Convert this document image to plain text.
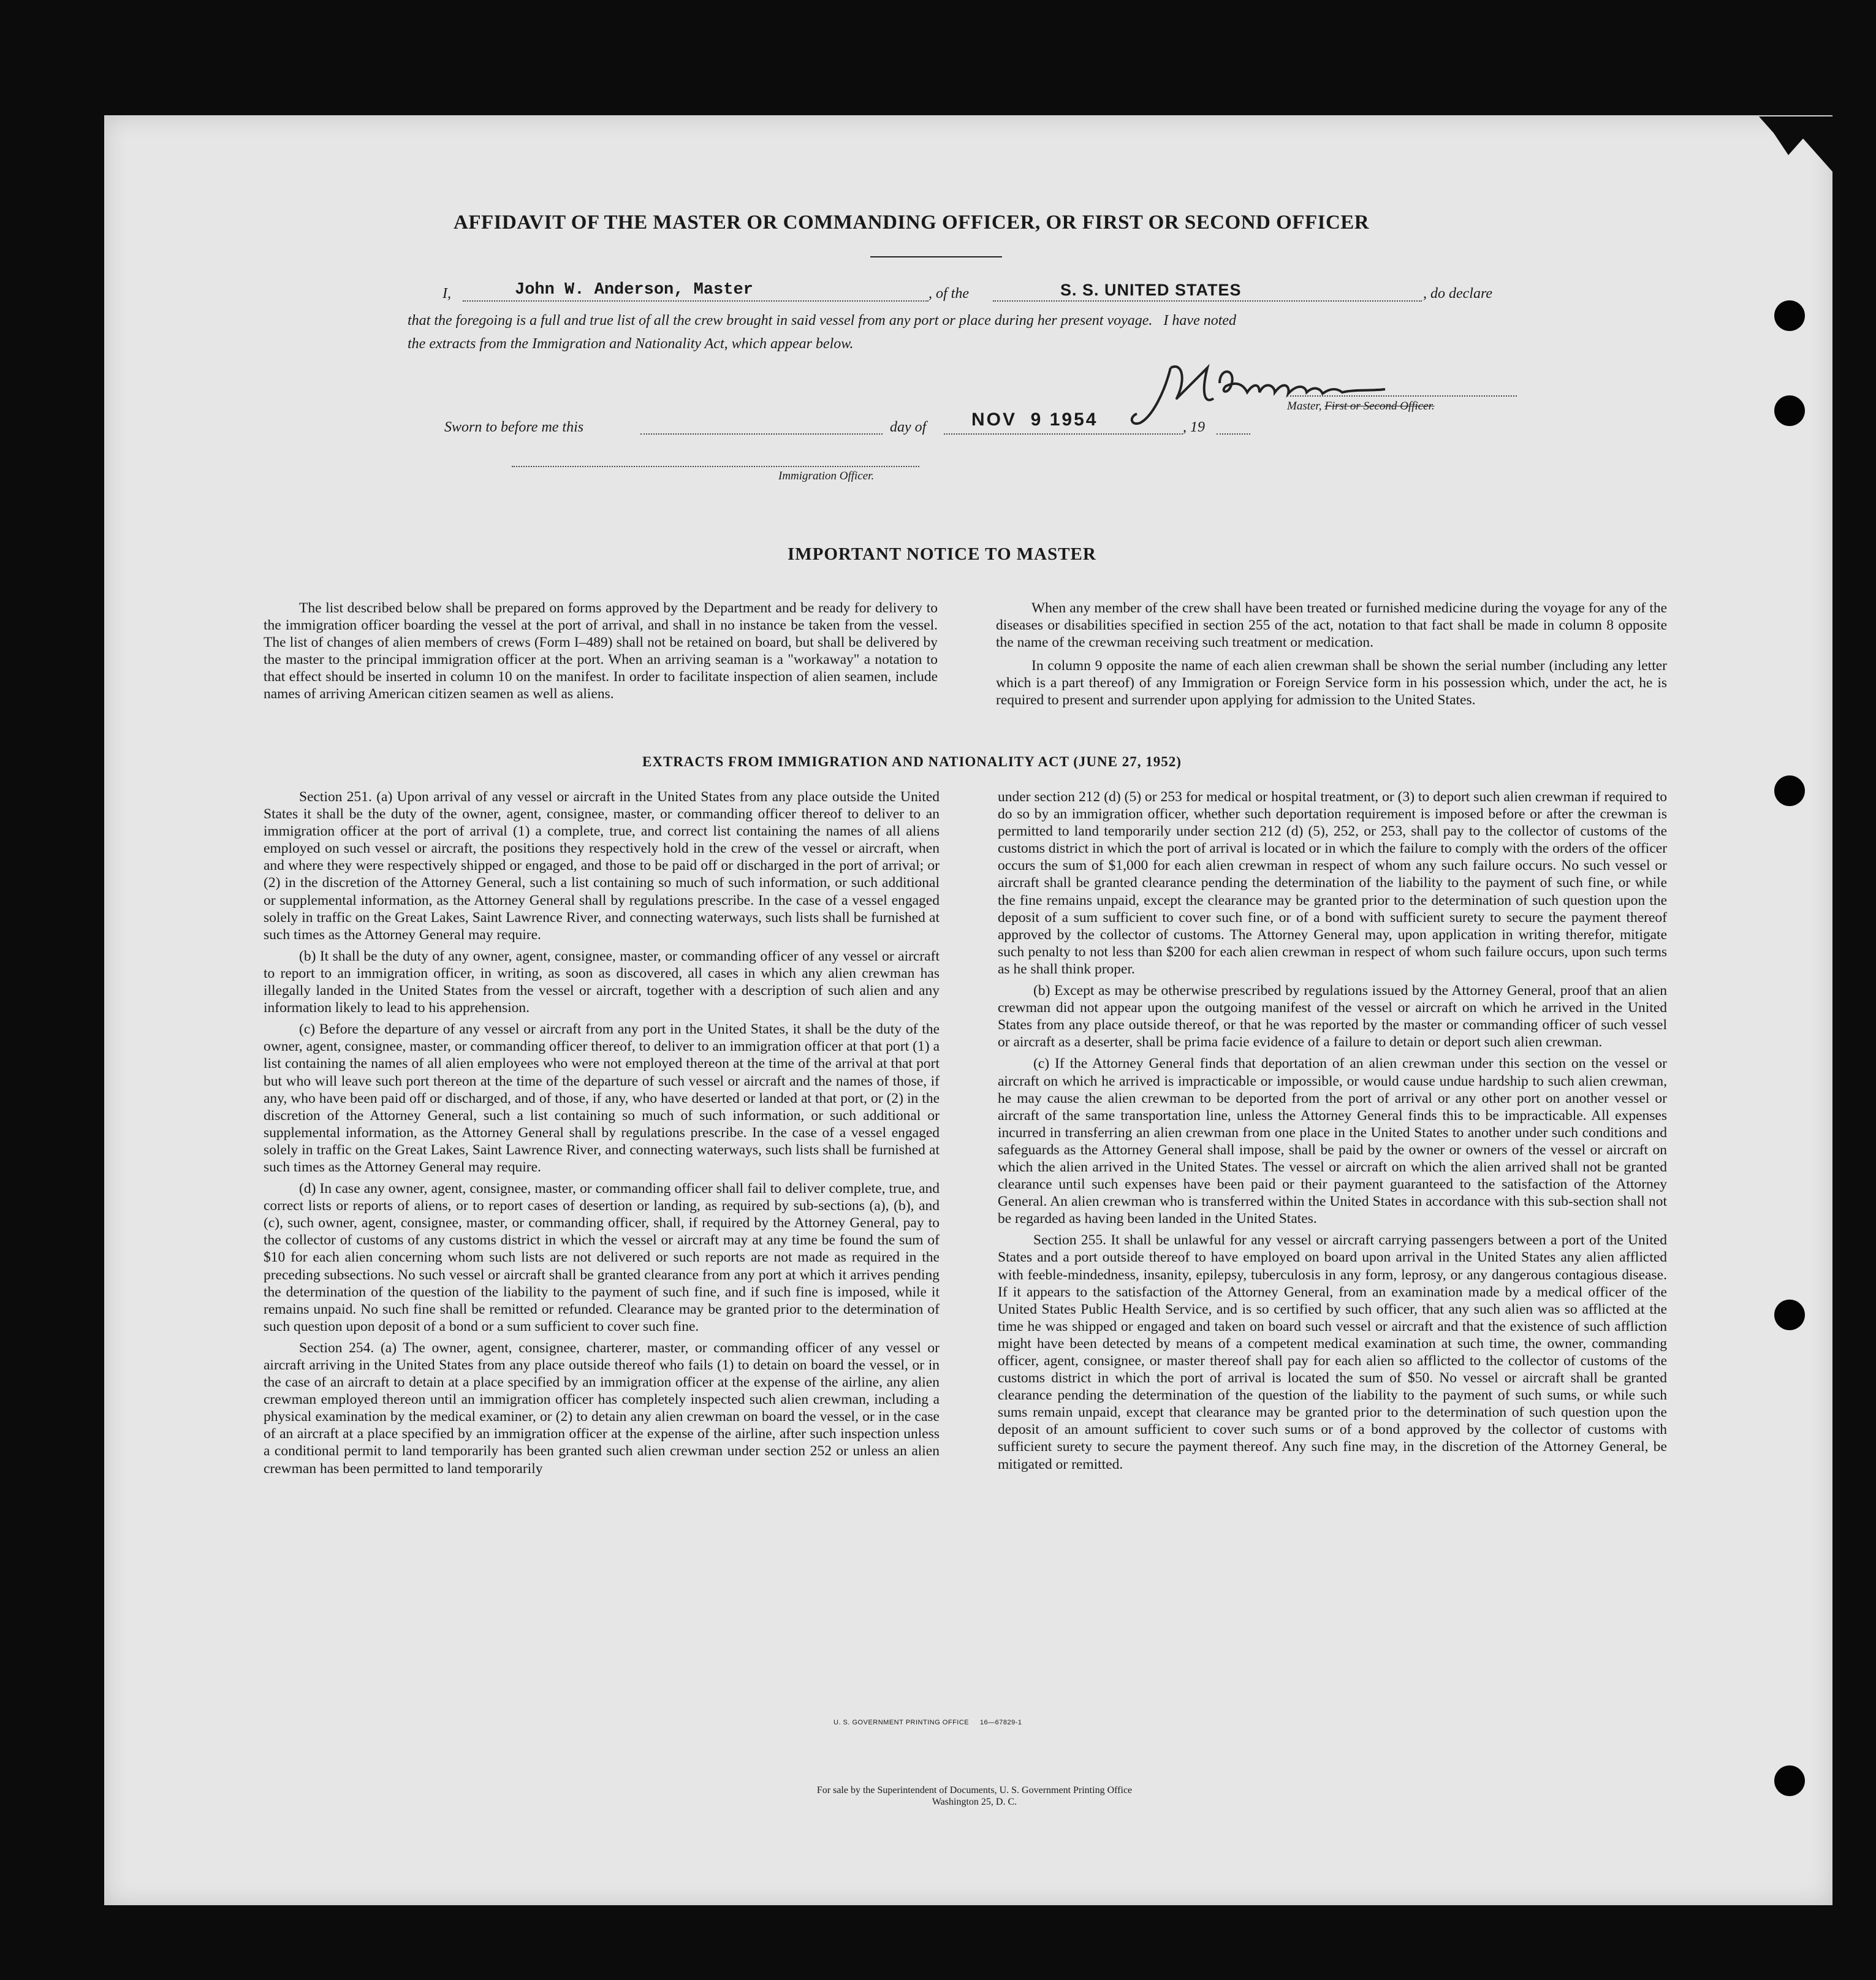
AFFIDAVIT OF THE MASTER OR COMMANDING OFFICER, OR FIRST OR SECOND OFFICER
I,	John W. Anderson, Master	, of the	S. S. UNITED STATES	, do declare
that the foregoing is a full and true list of all the crew brought in said vessel from any port or place during her present voyage.   I have noted
the extracts from the Immigration and Nationality Act, which appear below.
Master, First or Second Officer.
Sworn to before me this	day of NOV  9 1954	, 19
Immigration Officer.
IMPORTANT NOTICE TO MASTER

The list described below shall be prepared on forms approved by the Department and be ready for delivery to the immigration officer boarding the vessel at the port of arrival, and shall in no instance be taken from the vessel. The list of changes of alien members of crews (Form I–489) shall not be retained on board, but shall be delivered by the master to the principal immigration officer at the port. When an arriving seaman is a "workaway" a notation to that effect should be inserted in column 10 on the manifest. In order to facilitate inspection of alien seamen, include names of arriving American citizen seamen as well as aliens.

When any member of the crew shall have been treated or furnished medicine during the voyage for any of the diseases or disabilities specified in section 255 of the act, notation to that fact shall be made in column 8 opposite the name of the crewman receiving such treatment or medication.

In column 9 opposite the name of each alien crewman shall be shown the serial number (including any letter which is a part thereof) of any Immigration or Foreign Service form in his possession which, under the act, he is required to present and surrender upon applying for admission to the United States.

EXTRACTS FROM IMMIGRATION AND NATIONALITY ACT (JUNE 27, 1952)

Section 251. (a) Upon arrival of any vessel or aircraft in the United States from any place outside the United States it shall be the duty of the owner, agent, consignee, master, or commanding officer thereof to deliver to an immigration officer at the port of arrival (1) a complete, true, and correct list containing the names of all aliens employed on such vessel or aircraft, the positions they respectively hold in the crew of the vessel or aircraft, when and where they were respectively shipped or engaged, and those to be paid off or discharged in the port of arrival; or (2) in the discretion of the Attorney General, such a list containing so much of such information, or such additional or supplemental information, as the Attorney General shall by regulations prescribe. In the case of a vessel engaged solely in traffic on the Great Lakes, Saint Lawrence River, and connecting waterways, such lists shall be furnished at such times as the Attorney General may require.

(b) It shall be the duty of any owner, agent, consignee, master, or commanding officer of any vessel or aircraft to report to an immigration officer, in writing, as soon as discovered, all cases in which any alien crewman has illegally landed in the United States from the vessel or aircraft, together with a description of such alien and any information likely to lead to his apprehension.

(c) Before the departure of any vessel or aircraft from any port in the United States, it shall be the duty of the owner, agent, consignee, master, or commanding officer thereof, to deliver to an immigration officer at that port (1) a list containing the names of all alien employees who were not employed thereon at the time of the arrival at that port but who will leave such port thereon at the time of the departure of such vessel or aircraft and the names of those, if any, who have been paid off or discharged, and of those, if any, who have deserted or landed at that port, or (2) in the discretion of the Attorney General, such a list containing so much of such information, or such additional or supplemental information, as the Attorney General shall by regulations prescribe. In the case of a vessel engaged solely in traffic on the Great Lakes, Saint Lawrence River, and connecting waterways, such lists shall be furnished at such times as the Attorney General may require.

(d) In case any owner, agent, consignee, master, or commanding officer shall fail to deliver complete, true, and correct lists or reports of aliens, or to report cases of desertion or landing, as required by sub-sections (a), (b), and (c), such owner, agent, consignee, master, or commanding officer, shall, if required by the Attorney General, pay to the collector of customs of any customs district in which the vessel or aircraft may at any time be found the sum of $10 for each alien concerning whom such lists are not delivered or such reports are not made as required in the preceding subsections. No such vessel or aircraft shall be granted clearance from any port at which it arrives pending the determination of the question of the liability to the payment of such fine, and if such fine is imposed, while it remains unpaid. No such fine shall be remitted or refunded. Clearance may be granted prior to the determination of such question upon deposit of a bond or a sum sufficient to cover such fine.

Section 254. (a) The owner, agent, consignee, charterer, master, or commanding officer of any vessel or aircraft arriving in the United States from any place outside thereof who fails (1) to detain on board the vessel, or in the case of an aircraft to detain at a place specified by an immigration officer at the expense of the airline, any alien crewman employed thereon until an immigration officer has completely inspected such alien crewman, including a physical examination by the medical examiner, or (2) to detain any alien crewman on board the vessel, or in the case of an aircraft at a place specified by an immigration officer at the expense of the airline, after such inspection unless a conditional permit to land temporarily has been granted such alien crewman under section 252 or unless an alien crewman has been permitted to land temporarily

under section 212 (d) (5) or 253 for medical or hospital treatment, or (3) to deport such alien crewman if required to do so by an immigration officer, whether such deportation requirement is imposed before or after the crewman is permitted to land temporarily under section 212 (d) (5), 252, or 253, shall pay to the collector of customs of the customs district in which the port of arrival is located or in which the failure to comply with the orders of the officer occurs the sum of $1,000 for each alien crewman in respect of whom any such failure occurs. No such vessel or aircraft shall be granted clearance pending the determination of the liability to the payment of such fine, or while the fine remains unpaid, except the clearance may be granted prior to the determination of such question upon the deposit of a sum sufficient to cover such fine, or of a bond with sufficient surety to secure the payment thereof approved by the collector of customs. The Attorney General may, upon application in writing therefor, mitigate such penalty to not less than $200 for each alien crewman in respect of whom such failure occurs, upon such terms as he shall think proper.

(b) Except as may be otherwise prescribed by regulations issued by the Attorney General, proof that an alien crewman did not appear upon the outgoing manifest of the vessel or aircraft on which he arrived in the United States from any place outside thereof, or that he was reported by the master or commanding officer of such vessel or aircraft as a deserter, shall be prima facie evidence of a failure to detain or deport such alien crewman.

(c) If the Attorney General finds that deportation of an alien crewman under this section on the vessel or aircraft on which he arrived is impracticable or impossible, or would cause undue hardship to such alien crewman, he may cause the alien crewman to be deported from the port of arrival or any other port on another vessel or aircraft of the same transportation line, unless the Attorney General finds this to be impracticable. All expenses incurred in transferring an alien crewman from one place in the United States to another under such conditions and safeguards as the Attorney General shall impose, shall be paid by the owner or owners of the vessel or aircraft on which the alien arrived in the United States. The vessel or aircraft on which the alien arrived shall not be granted clearance until such expenses have been paid or their payment guaranteed to the satisfaction of the Attorney General. An alien crewman who is transferred within the United States in accordance with this sub-section shall not be regarded as having been landed in the United States.

Section 255. It shall be unlawful for any vessel or aircraft carrying passengers between a port of the United States and a port outside thereof to have employed on board upon arrival in the United States any alien afflicted with feeble-mindedness, insanity, epilepsy, tuberculosis in any form, leprosy, or any dangerous contagious disease. If it appears to the satisfaction of the Attorney General, from an examination made by a medical officer of the United States Public Health Service, and is so certified by such officer, that any such alien was so afflicted at the time he was shipped or engaged and taken on board such vessel or aircraft and that the existence of such affliction might have been detected by means of a competent medical examination at such time, the owner, commanding officer, agent, consignee, or master thereof shall pay for each alien so afflicted to the collector of customs of the customs district in which the port of arrival is located the sum of $50. No vessel or aircraft shall be granted clearance pending the determination of the question of the liability to the payment of such sums, or while such sums remain unpaid, except that clearance may be granted prior to the determination of such question upon the deposit of an amount sufficient to cover such sums or of a bond approved by the collector of customs with sufficient surety to secure the payment thereof. Any such fine may, in the discretion of the Attorney General, be mitigated or remitted.

U. S. GOVERNMENT PRINTING OFFICE     16—67829-1
For sale by the Superintendent of Documents, U. S. Government Printing Office
Washington 25, D. C.
